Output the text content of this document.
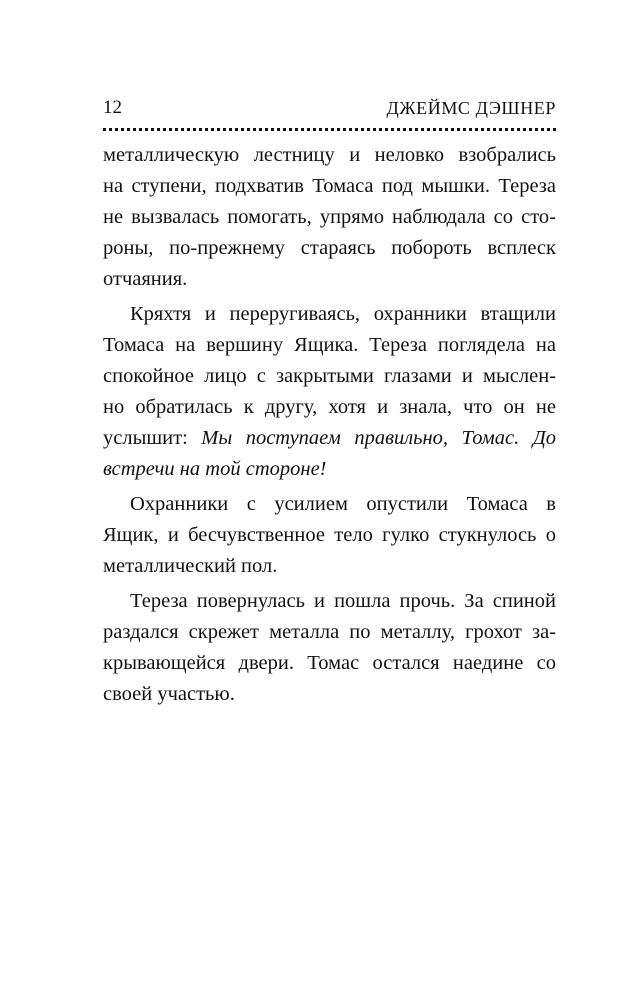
12	ДЖЕЙМС ДЭШНЕР
металлическую лестницу и неловко взобрались
на ступени, подхватив Томаса под мышки. Тереза
не вызвалась помогать, упрямо наблюдала со сто-
роны, по-прежнему стараясь побороть всплеск
отчаяния.
Кряхтя и переругиваясь, охранники втащили
Томаса на вершину Ящика. Тереза поглядела на
спокойное лицо с закрытыми глазами и мыслен-
но обратилась к другу, хотя и знала, что он не
услышит: Мы поступаем правильно, Томас. До
встречи на той стороне!
Охранники с усилием опустили Томаса в
Ящик, и бесчувственное тело гулко стукнулось о
металлический пол.
Тереза повернулась и пошла прочь. За спиной
раздался скрежет металла по металлу, грохот за-
крывающейся двери. Томас остался наедине со
своей участью.
